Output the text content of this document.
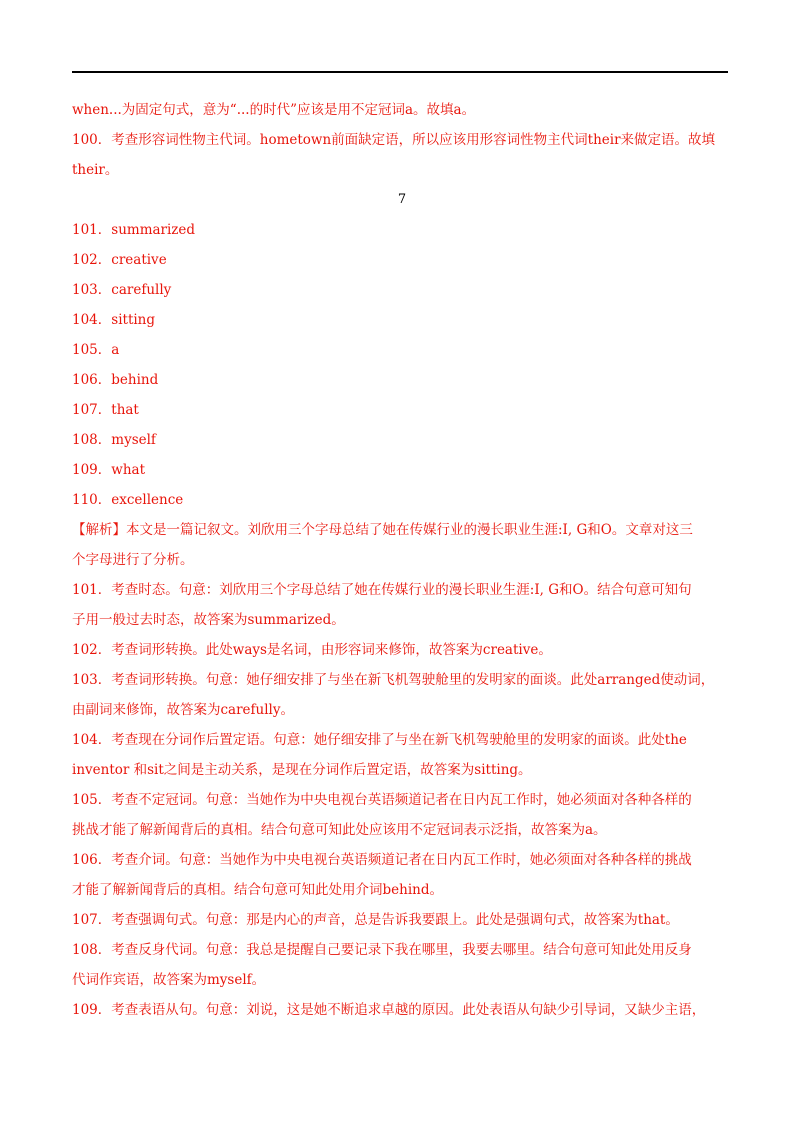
when...为固定句式，意为“...的时代”应该是用不定冠词a。故填a。

100．考查形容词性物主代词。hometown前面缺定语，所以应该用形容词性物主代词their来做定语。故填

their。

7

101．summarized

102．creative

103．carefully

104．sitting

105．a

106．behind

107．that

108．myself

109．what

110．excellence

【解析】本文是一篇记叙文。刘欣用三个字母总结了她在传媒行业的漫长职业生涯:I, G和O。文章对这三

个字母进行了分析。

101．考查时态。句意：刘欣用三个字母总结了她在传媒行业的漫长职业生涯:I, G和O。结合句意可知句

子用一般过去时态，故答案为summarized。

102．考查词形转换。此处ways是名词，由形容词来修饰，故答案为creative。

103．考查词形转换。句意：她仔细安排了与坐在新飞机驾驶舱里的发明家的面谈。此处arranged使动词，

由副词来修饰，故答案为carefully。

104．考查现在分词作后置定语。句意：她仔细安排了与坐在新飞机驾驶舱里的发明家的面谈。此处the

inventor 和sit之间是主动关系，是现在分词作后置定语，故答案为sitting。

105．考查不定冠词。句意：当她作为中央电视台英语频道记者在日内瓦工作时，她必须面对各种各样的

挑战才能了解新闻背后的真相。结合句意可知此处应该用不定冠词表示泛指，故答案为a。

106．考查介词。句意：当她作为中央电视台英语频道记者在日内瓦工作时，她必须面对各种各样的挑战

才能了解新闻背后的真相。结合句意可知此处用介词behind。

107．考查强调句式。句意：那是内心的声音，总是告诉我要跟上。此处是强调句式，故答案为that。

108．考查反身代词。句意：我总是提醒自己要记录下我在哪里，我要去哪里。结合句意可知此处用反身

代词作宾语，故答案为myself。

109．考查表语从句。句意：刘说，这是她不断追求卓越的原因。此处表语从句缺少引导词，又缺少主语，
